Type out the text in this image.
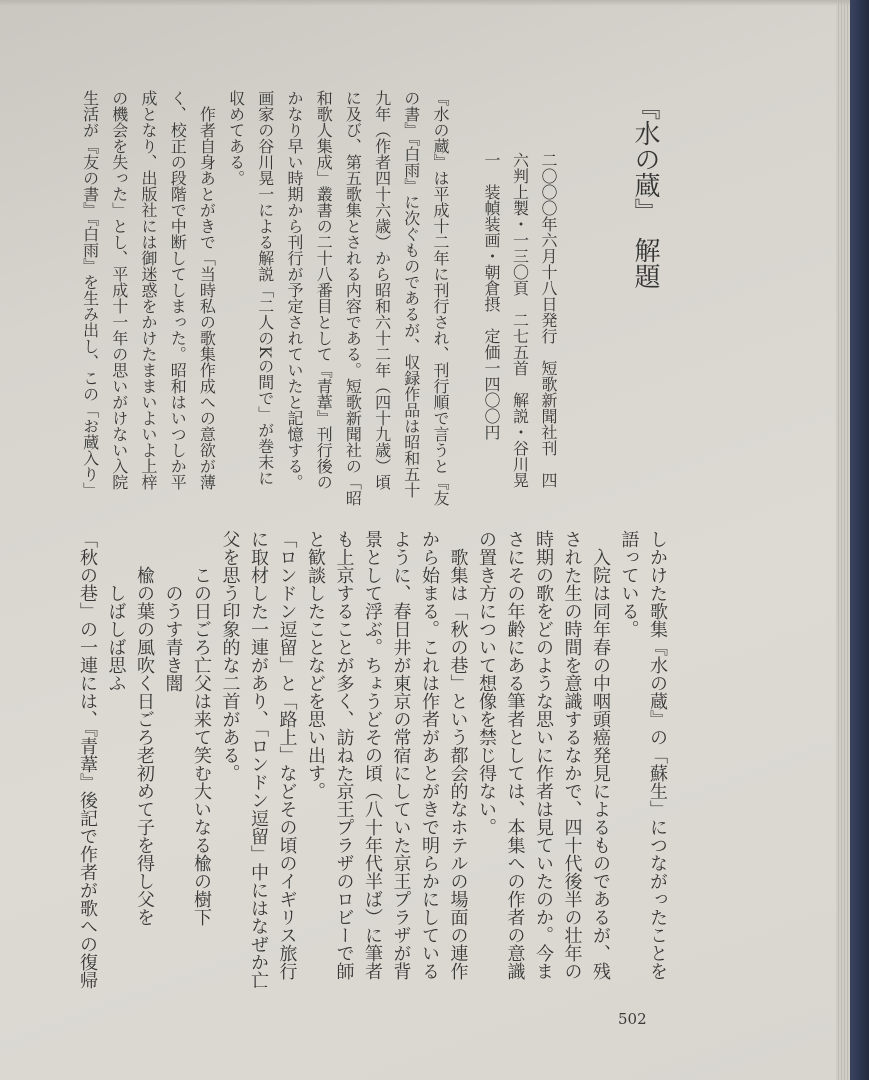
『水の蔵』　解題
二〇〇〇年六月十八日発行　短歌新聞社刊　四
六判上製・一三〇頁　二七五首　解説・谷川晃
一　装幀装画・朝倉摂　定価一四〇〇円
『水の蔵』は平成十二年に刊行され、刊行順で言うと『友
の書』『白雨』に次ぐものであるが、収録作品は昭和五十
九年（作者四十六歳）から昭和六十二年（四十九歳）頃
に及び、第五歌集とされる内容である。短歌新聞社の「昭
和歌人集成」叢書の二十八番目として『青葦』刊行後の
かなり早い時期から刊行が予定されていたと記憶する。
画家の谷川晃一による解説「二人のKの間で」が巻末に
収めてある。
　作者自身あとがきで「当時私の歌集作成への意欲が薄
く、校正の段階で中断してしまった。昭和はいつしか平
成となり、出版社には御迷惑をかけたままいよいよ上梓
の機会を失った」とし、平成十一年の思いがけない入院
生活が『友の書』『白雨』を生み出し、この「お蔵入り」
しかけた歌集『水の蔵』の「蘇生」につながったことを
語っている。
　入院は同年春の中咽頭癌発見によるものであるが、残
された生の時間を意識するなかで、四十代後半の壮年の
時期の歌をどのような思いに作者は見ていたのか。今ま
さにその年齢にある筆者としては、本集への作者の意識
の置き方について想像を禁じ得ない。
　歌集は「秋の巷」という都会的なホテルの場面の連作
から始まる。これは作者があとがきで明らかにしている
ように、春日井が東京の常宿にしていた京王プラザが背
景として浮ぶ。ちょうどその頃（八十年代半ば）に筆者
も上京することが多く、訪ねた京王プラザのロビーで師
と歓談したことなどを思い出す。
「ロンドン逗留」と「路上」などその頃のイギリス旅行
に取材した一連があり、「ロンドン逗留」中にはなぜか亡
父を思う印象的な二首がある。
　　この日ごろ亡父は来て笑む大いなる楡の樹下
　　　のうす青き闇
　　楡の葉の風吹く日ごろ老初めて子を得し父を
　　　しばしば思ふ
「秋の巷」の一連には、『青葦』後記で作者が歌への復帰
502
